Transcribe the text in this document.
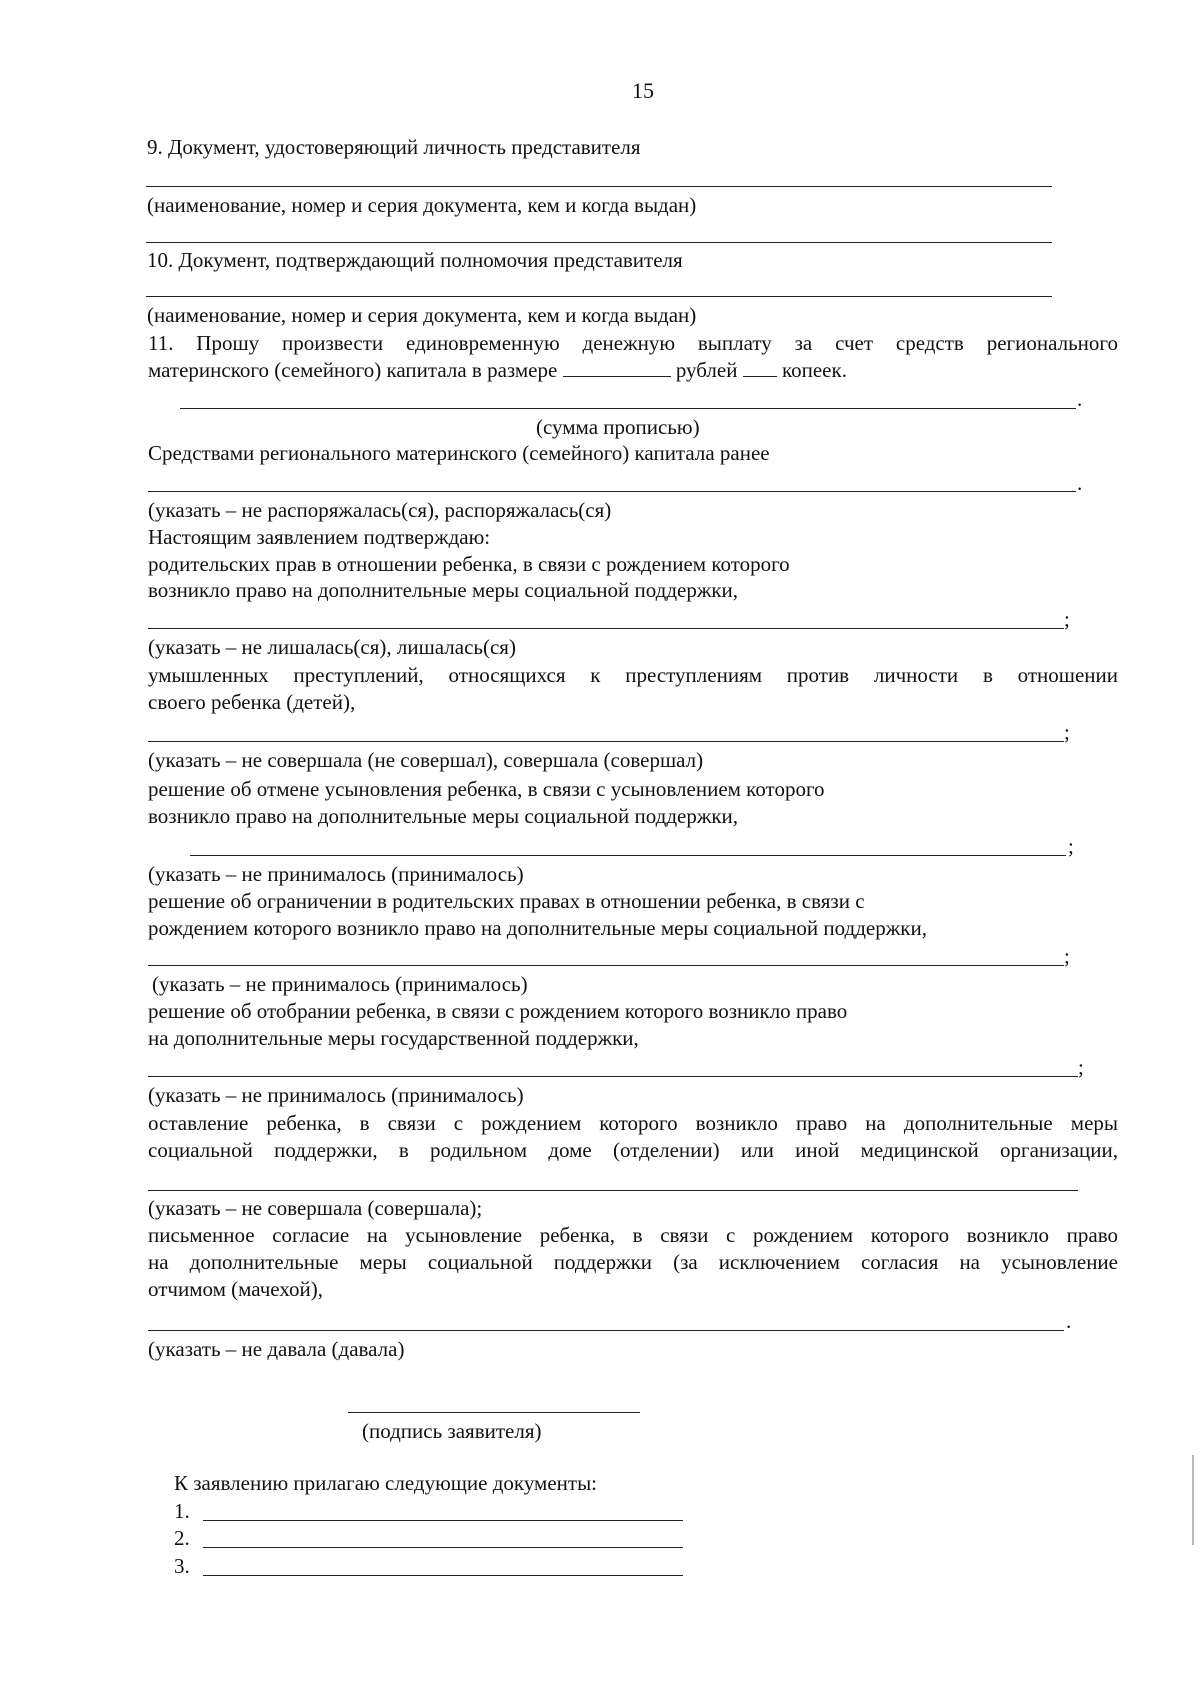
15
9. Документ, удостоверяющий личность представителя
(наименование, номер и серия документа, кем и когда выдан)
10. Документ, подтверждающий полномочия представителя
(наименование, номер и серия документа, кем и когда выдан)
11. Прошу произвести единовременную денежную выплату за счет средств регионального
материнского (семейного) капитала в размере	рублей копеек.
.
(сумма прописью)
Средствами регионального материнского (семейного) капитала ранее
.
(указать – не распоряжалась(ся), распоряжалась(ся)
Настоящим заявлением подтверждаю:
родительских прав в отношении ребенка, в связи с рождением которого
возникло право на дополнительные меры социальной поддержки,
;
(указать – не лишалась(ся), лишалась(ся)
умышленных преступлений, относящихся к преступлениям против личности в отношении
своего ребенка (детей),
;
(указать – не совершала (не совершал), совершала (совершал)
решение об отмене усыновления ребенка, в связи с усыновлением которого
возникло право на дополнительные меры социальной поддержки,
;
(указать – не принималось (принималось)
решение об ограничении в родительских правах в отношении ребенка, в связи с
рождением которого возникло право на дополнительные меры социальной поддержки,
;
(указать – не принималось (принималось)
решение об отобрании ребенка, в связи с рождением которого возникло право
на дополнительные меры государственной поддержки,
;
(указать – не принималось (принималось)
оставление ребенка, в связи с рождением которого возникло право на дополнительные меры
социальной поддержки, в родильном доме (отделении) или иной медицинской организации,
(указать – не совершала (совершала);
письменное согласие на усыновление ребенка, в связи с рождением которого возникло право
на дополнительные меры социальной поддержки (за исключением согласия на усыновление
отчимом (мачехой),
.
(указать – не давала (давала)
(подпись заявителя)
К заявлению прилагаю следующие документы:
1.
2.
3.
